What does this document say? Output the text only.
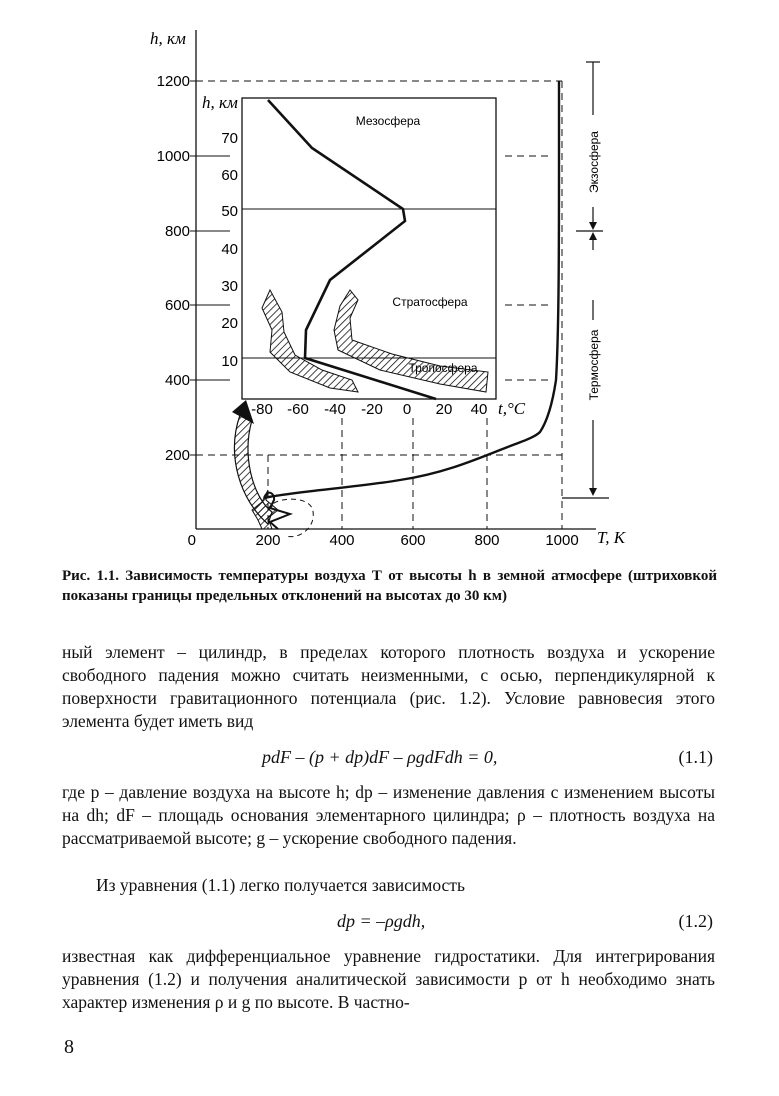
h, км
T, K
1200
1000
800
600
400
200
0	200	400	600	800	1000
Экзосфера
Термосфера
h, км
70
60
50
40
30
20
10
-80 -60 -40 -20 0 20 40 t,°C
Мезосфера
Стратосфера
Тропосфера
Рис. 1.1. Зависимость температуры воздуха Т от высоты h в земной атмосфере (штриховкой показаны границы предельных отклонений на высотах до 30 км)

ный элемент – цилиндр, в пределах которого плотность воздуха и ускорение свободного падения можно считать неизменными, с осью, перпендикулярной к поверхности гравитационного потенциала (рис. 1.2). Условие равновесия этого элемента будет иметь вид

pdF – (p + dp)dF – ρgdFdh = 0,	(1.1)

где p – давление воздуха на высоте h; dp – изменение давления с изменением высоты на dh; dF – площадь основания элементарного цилиндра; ρ – плотность воздуха на рассматриваемой высоте; g – ускорение свободного падения.

Из уравнения (1.1) легко получается зависимость

dp = –ρgdh,	(1.2)

известная как дифференциальное уравнение гидростатики. Для интегрирования уравнения (1.2) и получения аналитической зависимости p от h необходимо знать характер изменения ρ и g по высоте. В частно-

8
